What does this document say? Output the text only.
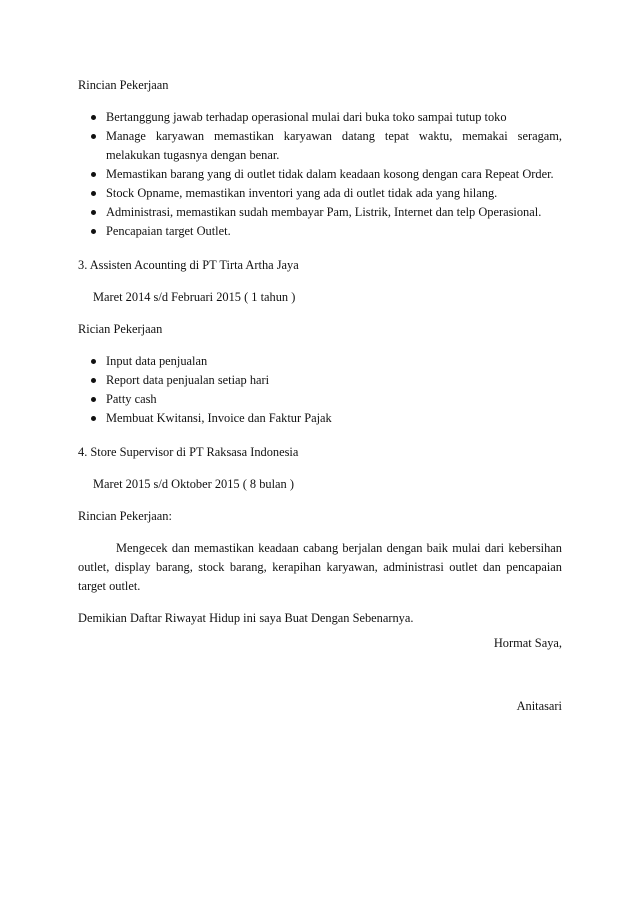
Rincian Pekerjaan

Bertanggung jawab terhadap operasional mulai dari buka toko sampai tutup toko
Manage karyawan memastikan karyawan datang tepat waktu, memakai seragam, melakukan tugasnya dengan benar.
Memastikan barang yang di outlet tidak dalam keadaan kosong dengan cara Repeat Order.
Stock Opname, memastikan inventori yang ada di outlet tidak ada yang hilang.
Administrasi, memastikan sudah membayar Pam, Listrik, Internet dan telp Operasional.
Pencapaian target Outlet.

3. Assisten Acounting di PT Tirta Artha Jaya

Maret 2014 s/d Februari 2015 ( 1 tahun )

Rician Pekerjaan

Input data penjualan
Report data penjualan setiap hari
Patty cash
Membuat Kwitansi, Invoice dan Faktur Pajak

4. Store Supervisor di PT Raksasa Indonesia

Maret 2015 s/d Oktober 2015 ( 8 bulan )

Rincian Pekerjaan:

Mengecek dan memastikan keadaan cabang berjalan dengan baik mulai dari kebersihan outlet, display barang, stock barang, kerapihan karyawan, administrasi outlet dan pencapaian target outlet.

Demikian Daftar Riwayat Hidup ini saya Buat Dengan Sebenarnya.

Hormat Saya,

Anitasari
